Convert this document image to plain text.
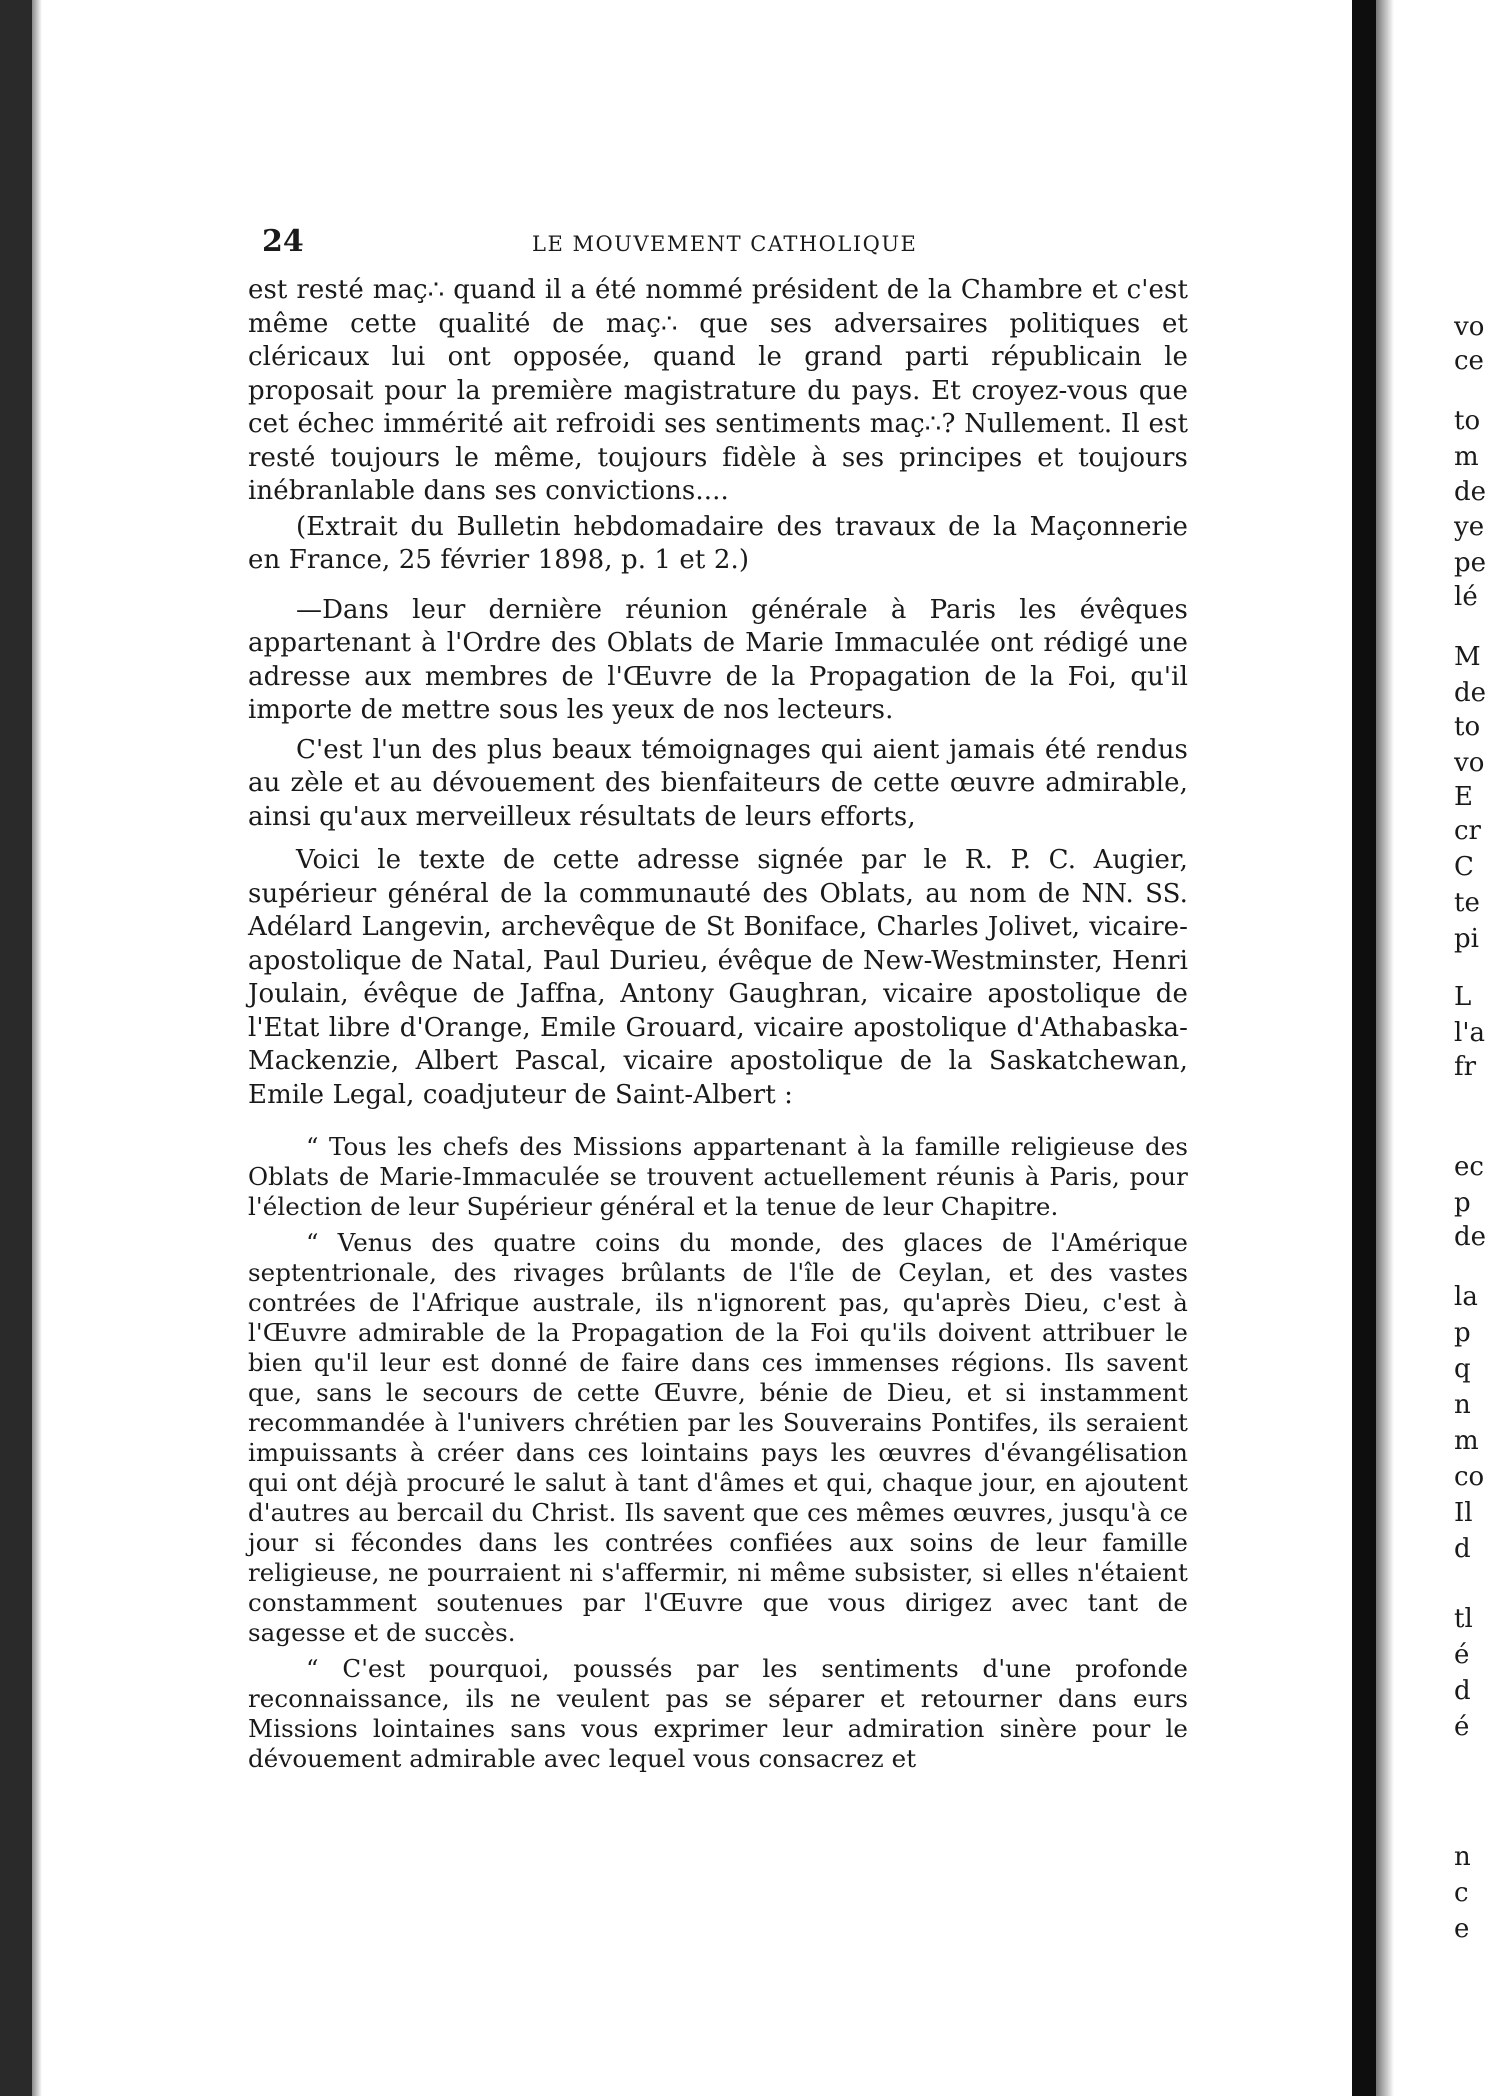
24	LE MOUVEMENT CATHOLIQUE

est resté maç∴ quand il a été nommé président de la Chambre et c'est même cette qualité de maç∴ que ses adversaires politiques et cléricaux lui ont opposée, quand le grand parti républicain le proposait pour la première magistrature du pays. Et croyez-vous que cet échec immérité ait refroidi ses sentiments maç∴? Nullement. Il est resté toujours le même, toujours fidèle à ses principes et toujours inébranlable dans ses convictions....

(Extrait du Bulletin hebdomadaire des travaux de la Maçonnerie en France, 25 février 1898, p. 1 et 2.)

—Dans leur dernière réunion générale à Paris les évêques appartenant à l'Ordre des Oblats de Marie Immaculée ont rédigé une adresse aux membres de l'Œuvre de la Propagation de la Foi, qu'il importe de mettre sous les yeux de nos lecteurs.

C'est l'un des plus beaux témoignages qui aient jamais été rendus au zèle et au dévouement des bienfaiteurs de cette œuvre admirable, ainsi qu'aux merveilleux résultats de leurs efforts,

Voici le texte de cette adresse signée par le R. P. C. Augier, supérieur général de la communauté des Oblats, au nom de NN. SS. Adélard Langevin, archevêque de St Boniface, Charles Jolivet, vicaire-apostolique de Natal, Paul Durieu, évêque de New-Westminster, Henri Joulain, évêque de Jaffna, Antony Gaughran, vicaire apostolique de l'Etat libre d'Orange, Emile Grouard, vicaire apostolique d'Athabaska-Mackenzie, Albert Pascal, vicaire apostolique de la Saskatchewan, Emile Legal, coadjuteur de Saint-Albert :

“ Tous les chefs des Missions appartenant à la famille religieuse des Oblats de Marie-Immaculée se trouvent actuellement réunis à Paris, pour l'élection de leur Supérieur général et la tenue de leur Chapitre.

“ Venus des quatre coins du monde, des glaces de l'Amérique septentrionale, des rivages brûlants de l'île de Ceylan, et des vastes contrées de l'Afrique australe, ils n'ignorent pas, qu'après Dieu, c'est à l'Œuvre admirable de la Propagation de la Foi qu'ils doivent attribuer le bien qu'il leur est donné de faire dans ces immenses régions. Ils savent que, sans le secours de cette Œuvre, bénie de Dieu, et si instamment recommandée à l'univers chrétien par les Souverains Pontifes, ils seraient impuissants à créer dans ces lointains pays les œuvres d'évangélisation qui ont déjà procuré le salut à tant d'âmes et qui, chaque jour, en ajoutent d'autres au bercail du Christ. Ils savent que ces mêmes œuvres, jusqu'à ce jour si fécondes dans les contrées confiées aux soins de leur famille religieuse, ne pourraient ni s'affermir, ni même subsister, si elles n'étaient constamment soutenues par l'Œuvre que vous dirigez avec tant de sagesse et de succès.

“ C'est pourquoi, poussés par les sentiments d'une profonde reconnaissance, ils ne veulent pas se séparer et retourner dans eurs Missions lointaines sans vous exprimer leur admiration sinère pour le dévouement admirable avec lequel vous consacrez et

vo
ce
to
m
de
ye
pe
lé
M
de
to
vo
E
cr
C
te
pi
L
l'a
fr
ec
p
de
la
p
q
n
m
co
Il
d
tl
é
d
é
n
c
e
